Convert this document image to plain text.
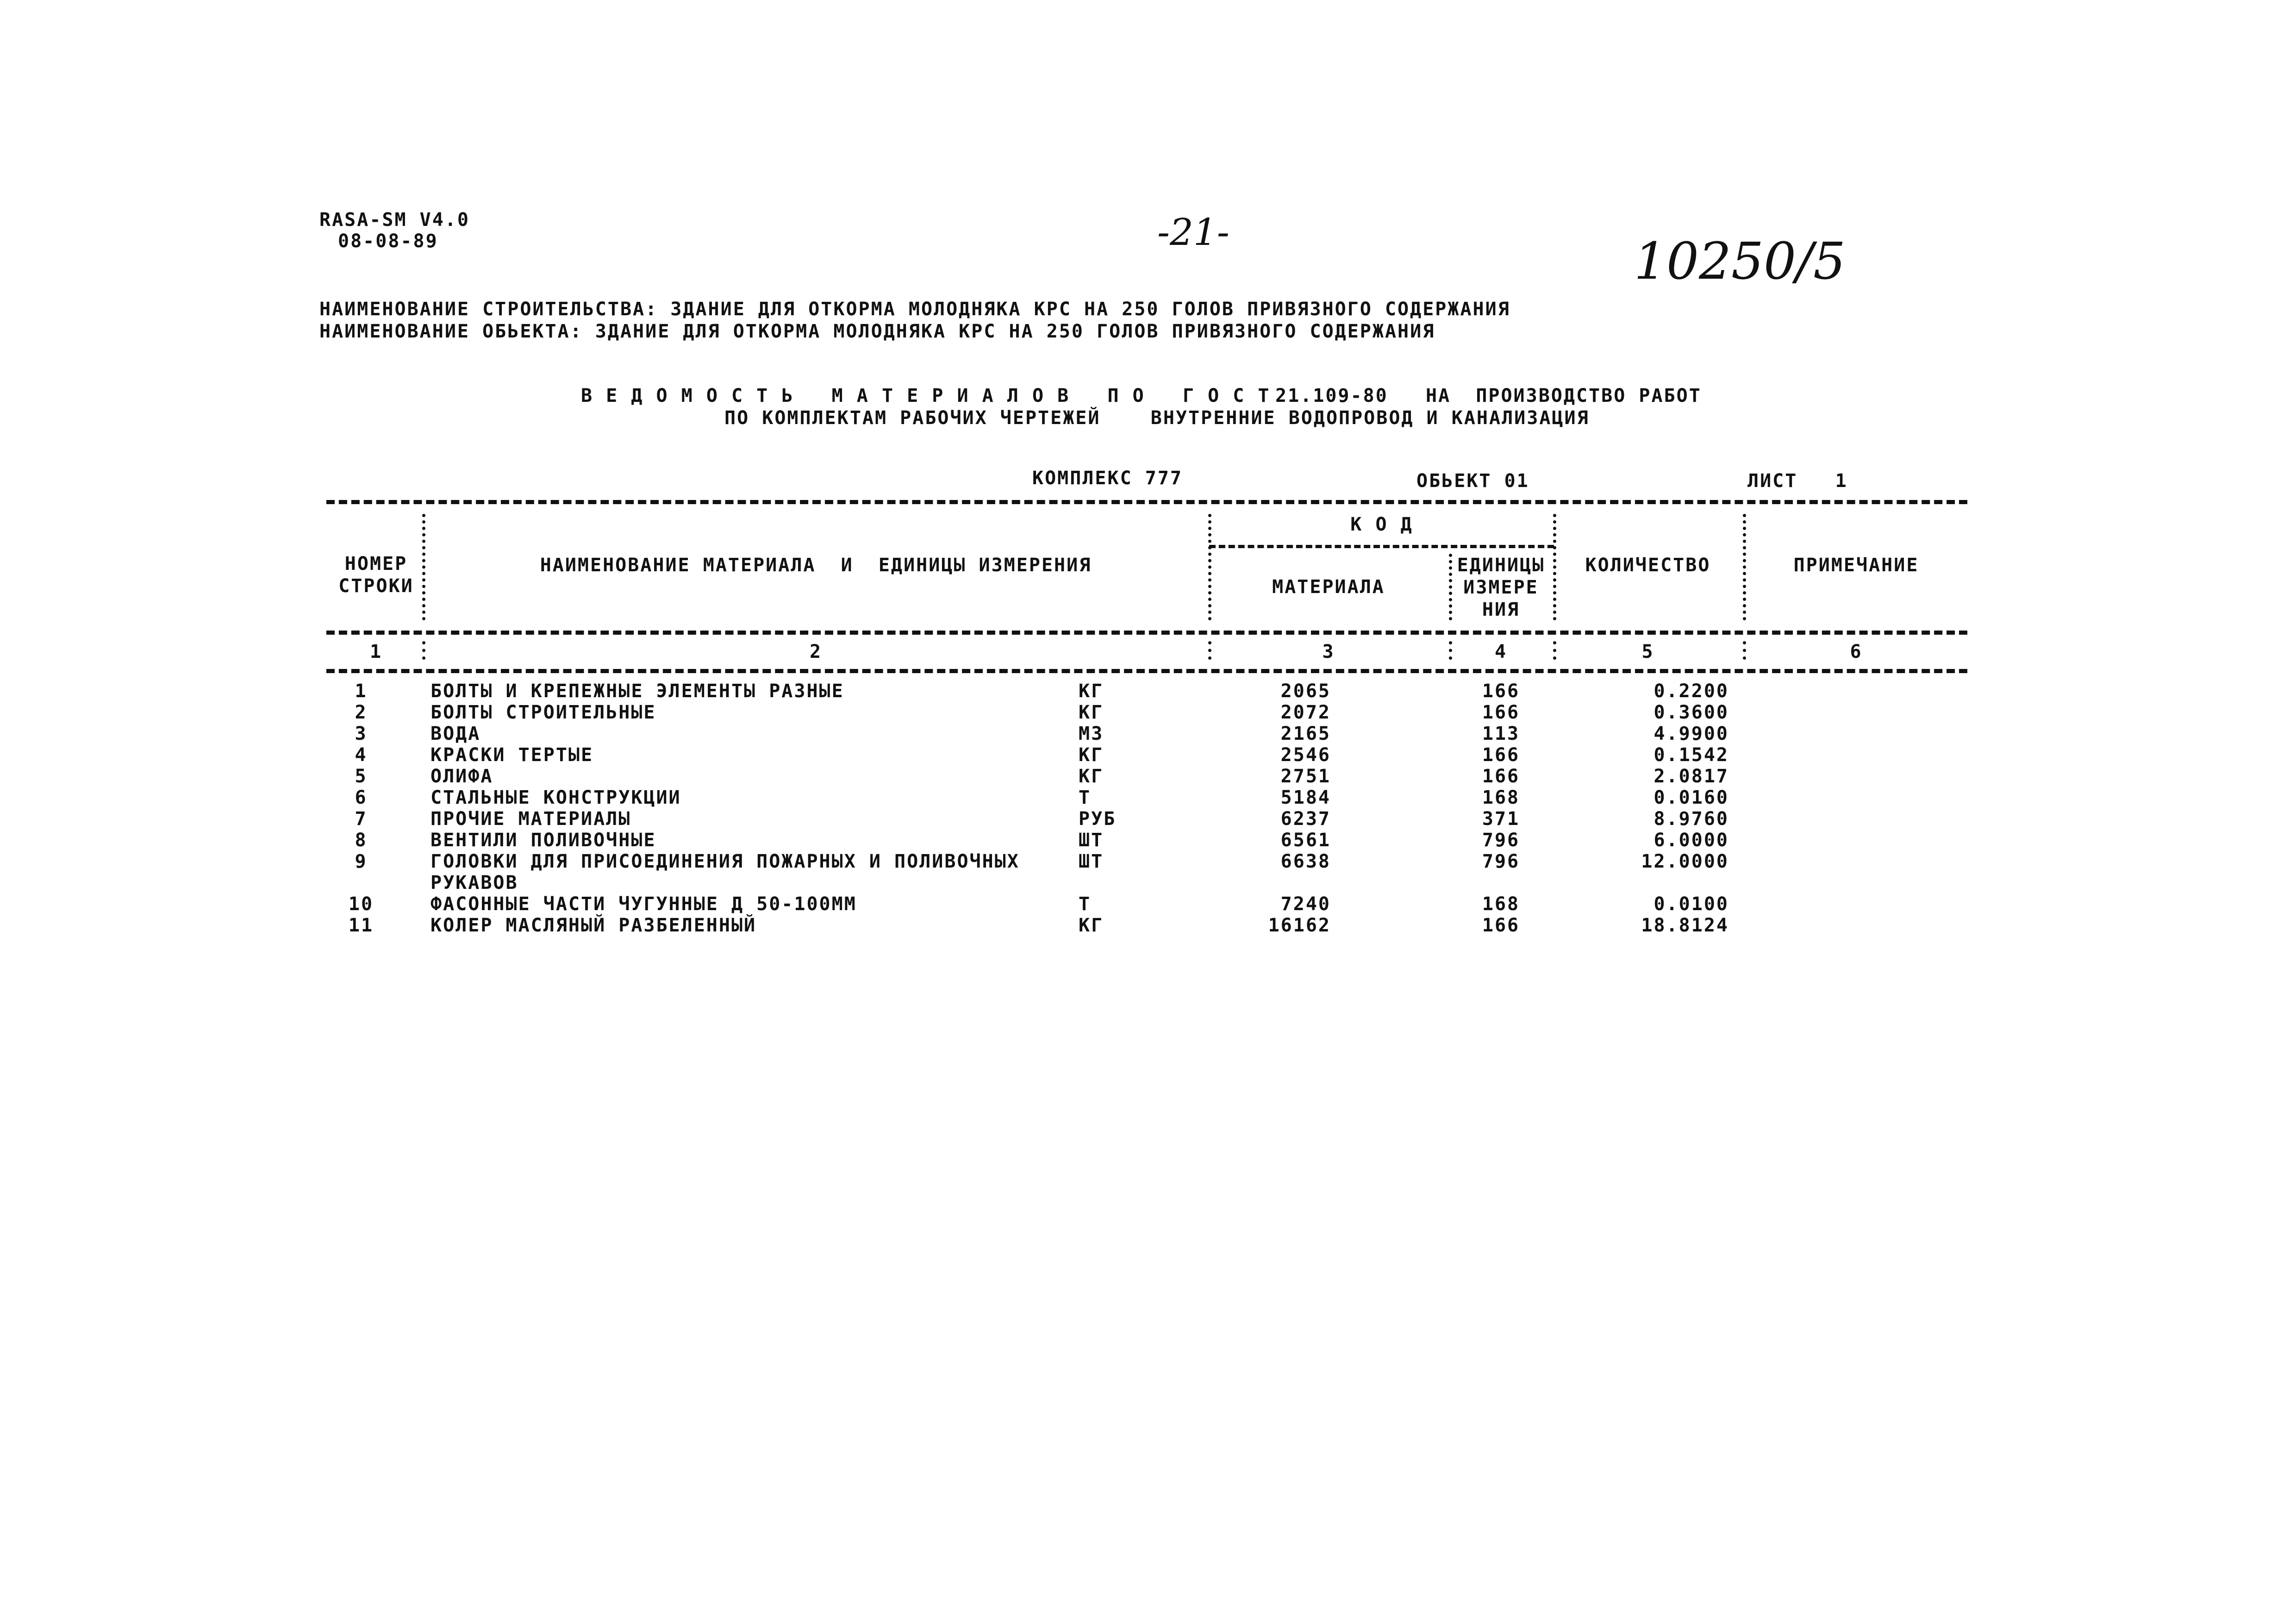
RASA-SM V4.0
08-08-89	-21-	10250/5
НАИМЕНОВАНИЕ СТРОИТЕЛЬСТВА: ЗДАНИЕ ДЛЯ ОТКОРМА МОЛОДНЯКА КРС НА 250 ГОЛОВ ПРИВЯЗНОГО СОДЕРЖАНИЯ
НАИМЕНОВАНИЕ ОБЬЕКТА: ЗДАНИЕ ДЛЯ ОТКОРМА МОЛОДНЯКА КРС НА 250 ГОЛОВ ПРИВЯЗНОГО СОДЕРЖАНИЯ
В Е Д О М О С Т Ь   М А Т Е Р И А Л О В   П О   Г О С Т 21.109-80   НА  ПРОИЗВОДСТВО РАБОТ
ПО КОМПЛЕКТАМ РАБОЧИХ ЧЕРТЕЖЕЙ    ВНУТРЕННИЕ ВОДОПРОВОД И КАНАЛИЗАЦИЯ
КОМПЛЕКС 777	ОБЬЕКТ 01	ЛИСТ   1
НОМЕР
СТРОКИ
НАИМЕНОВАНИЕ МАТЕРИАЛА  И  ЕДИНИЦЫ ИЗМЕРЕНИЯ
К О Д
МАТЕРИАЛА
ЕДИНИЦЫ
ИЗМЕРЕ
НИЯ
КОЛИЧЕСТВО	ПРИМЕЧАНИЕ
1	2	3	4	5	6
1	БОЛТЫ И КРЕПЕЖНЫЕ ЭЛЕМЕНТЫ РАЗНЫЕ	КГ	2065	166	0.2200
2	БОЛТЫ СТРОИТЕЛЬНЫЕ	КГ	2072	166	0.3600
3	ВОДА	М3	2165	113	4.9900
4	КРАСКИ ТЕРТЫЕ	КГ	2546	166	0.1542
5	ОЛИФА	КГ	2751	166	2.0817
6	СТАЛЬНЫЕ КОНСТРУКЦИИ	Т	5184	168	0.0160
7	ПРОЧИЕ МАТЕРИАЛЫ	РУБ	6237	371	8.9760
8	ВЕНТИЛИ ПОЛИВОЧНЫЕ	ШТ	6561	796	6.0000
9	ГОЛОВКИ ДЛЯ ПРИСОЕДИНЕНИЯ ПОЖАРНЫХ И ПОЛИВОЧНЫХ
РУКАВОВ
ШТ	6638	796	12.0000
10	ФАСОННЫЕ ЧАСТИ ЧУГУННЫЕ Д 50-100ММ	Т	7240	168	0.0100
11	КОЛЕР МАСЛЯНЫЙ РАЗБЕЛЕННЫЙ	КГ	16162	166	18.8124
